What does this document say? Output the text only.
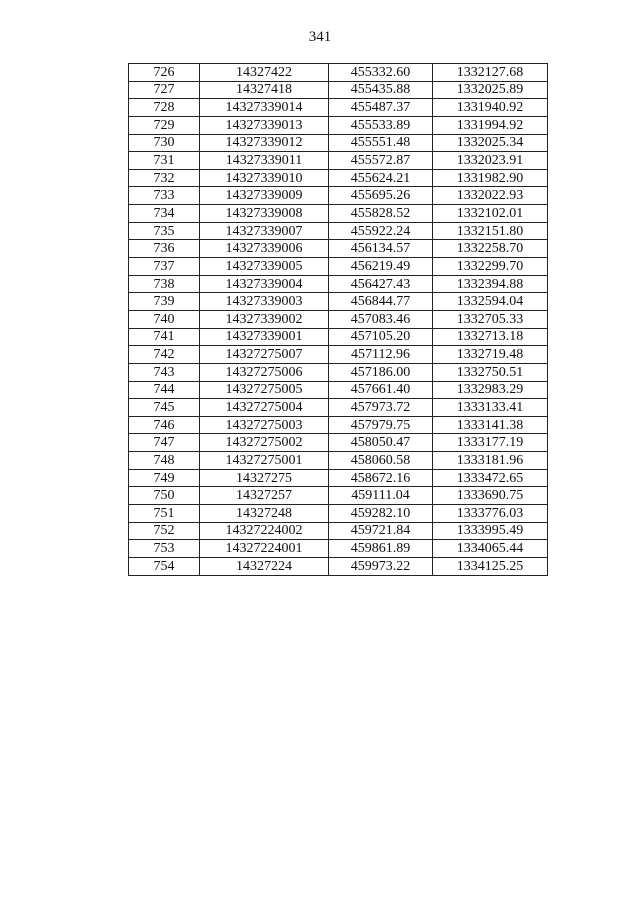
341
726	14327422	455332.60	1332127.68
727	14327418	455435.88	1332025.89
728	14327339014	455487.37	1331940.92
729	14327339013	455533.89	1331994.92
730	14327339012	455551.48	1332025.34
731	14327339011	455572.87	1332023.91
732	14327339010	455624.21	1331982.90
733	14327339009	455695.26	1332022.93
734	14327339008	455828.52	1332102.01
735	14327339007	455922.24	1332151.80
736	14327339006	456134.57	1332258.70
737	14327339005	456219.49	1332299.70
738	14327339004	456427.43	1332394.88
739	14327339003	456844.77	1332594.04
740	14327339002	457083.46	1332705.33
741	14327339001	457105.20	1332713.18
742	14327275007	457112.96	1332719.48
743	14327275006	457186.00	1332750.51
744	14327275005	457661.40	1332983.29
745	14327275004	457973.72	1333133.41
746	14327275003	457979.75	1333141.38
747	14327275002	458050.47	1333177.19
748	14327275001	458060.58	1333181.96
749	14327275	458672.16	1333472.65
750	14327257	459111.04	1333690.75
751	14327248	459282.10	1333776.03
752	14327224002	459721.84	1333995.49
753	14327224001	459861.89	1334065.44
754	14327224	459973.22	1334125.25
